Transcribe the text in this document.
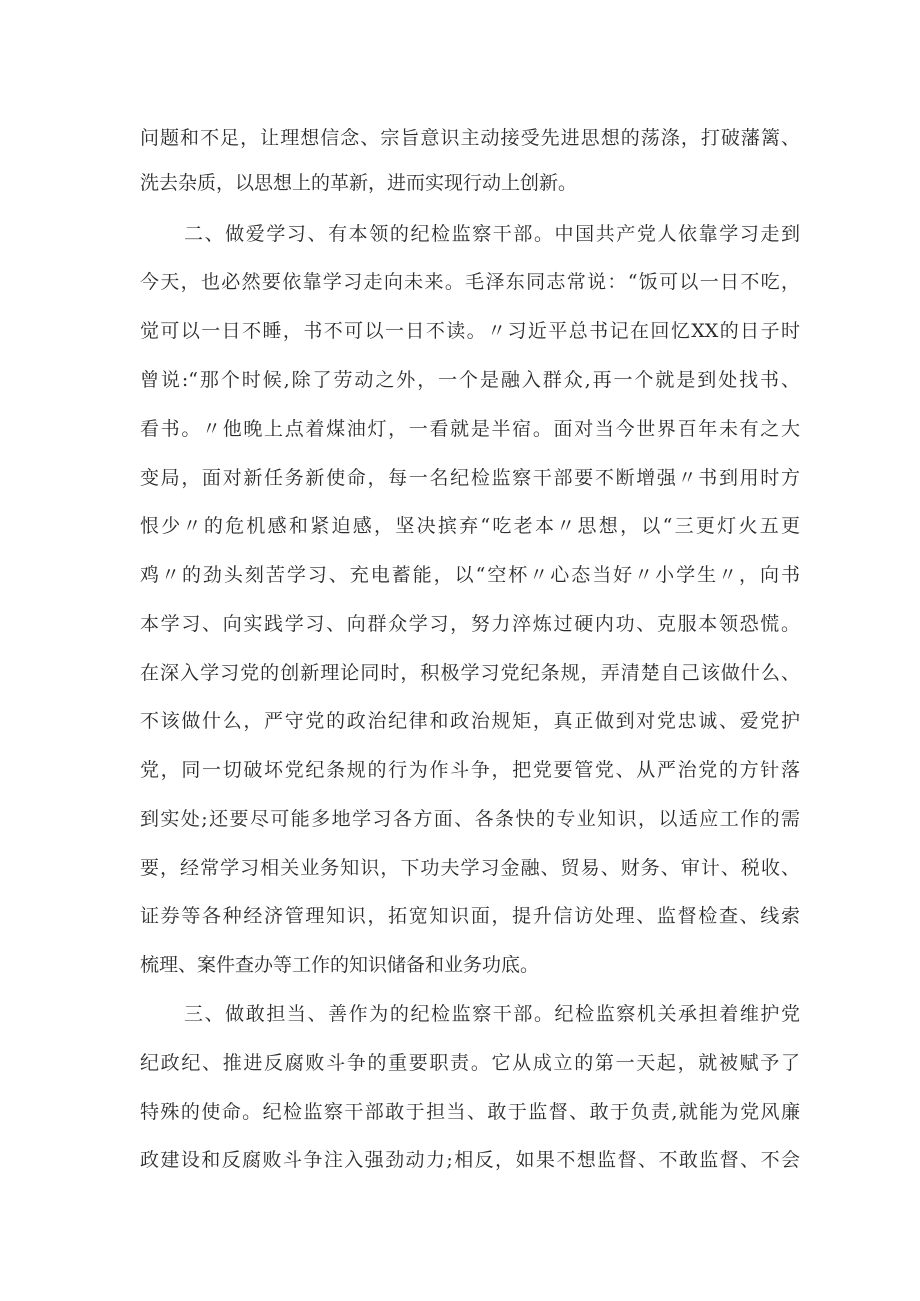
问题和不足，让理想信念、宗旨意识主动接受先进思想的荡涤，打破藩篱、
洗去杂质，以思想上的革新，进而实现行动上创新。
二、做爱学习、有本领的纪检监察干部。中国共产党人依靠学习走到
今天，也必然要依靠学习走向未来。毛泽东同志常说：“饭可以一日不吃，
觉可以一日不睡，书不可以一日不读。〃习近平总书记在回忆XX的日子时
曾说:“那个时候,除了劳动之外，一个是融入群众,再一个就是到处找书、
看书。〃他晚上点着煤油灯，一看就是半宿。面对当今世界百年未有之大
变局，面对新任务新使命，每一名纪检监察干部要不断增强〃书到用时方
恨少〃的危机感和紧迫感，坚决摈弃“吃老本〃思想，以“三更灯火五更
鸡〃的劲头刻苦学习、充电蓄能，以“空杯〃心态当好〃小学生〃，向书
本学习、向实践学习、向群众学习，努力淬炼过硬内功、克服本领恐慌。
在深入学习党的创新理论同时，积极学习党纪条规，弄清楚自己该做什么、
不该做什么，严守党的政治纪律和政治规矩，真正做到对党忠诚、爱党护
党，同一切破坏党纪条规的行为作斗争，把党要管党、从严治党的方针落
到实处;还要尽可能多地学习各方面、各条快的专业知识，以适应工作的需
要，经常学习相关业务知识，下功夫学习金融、贸易、财务、审计、税收、
证券等各种经济管理知识，拓宽知识面，提升信访处理、监督检查、线索
梳理、案件查办等工作的知识储备和业务功底。
三、做敢担当、善作为的纪检监察干部。纪检监察机关承担着维护党
纪政纪、推进反腐败斗争的重要职责。它从成立的第一天起，就被赋予了
特殊的使命。纪检监察干部敢于担当、敢于监督、敢于负责,就能为党风廉
政建设和反腐败斗争注入强劲动力;相反，如果不想监督、不敢监督、不会
